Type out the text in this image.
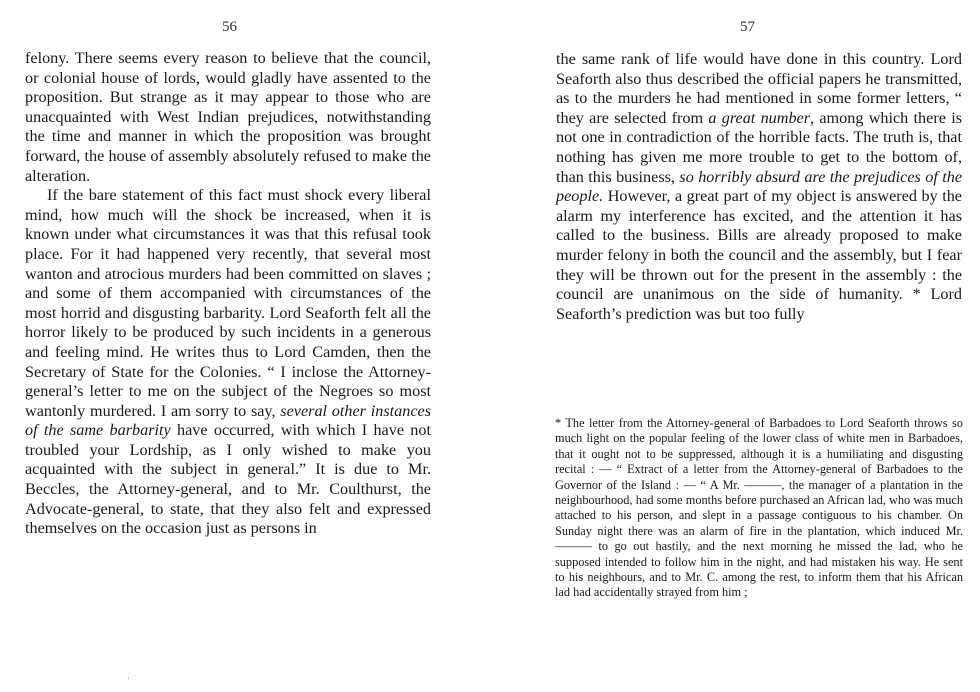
56

felony. There seems every reason to believe that the council, or colonial house of lords, would gladly have assented to the proposition. But strange as it may appear to those who are unacquainted with West Indian prejudices, notwithstanding the time and manner in which the proposition was brought forward, the house of assembly absolutely refused to make the alteration.

If the bare statement of this fact must shock every liberal mind, how much will the shock be increased, when it is known under what circumstances it was that this refusal took place. For it had happened very recently, that several most wanton and atrocious murders had been committed on slaves ; and some of them accompanied with circumstances of the most horrid and disgusting barbarity. Lord Seaforth felt all the horror likely to be produced by such incidents in a generous and feeling mind. He writes thus to Lord Camden, then the Secretary of State for the Colonies. “ I inclose the Attorney-general’s letter to me on the subject of the Negroes so most wantonly murdered. I am sorry to say, several other instances of the same barbarity have occurred, with which I have not troubled your Lordship, as I only wished to make you acquainted with the subject in general.” It is due to Mr. Beccles, the Attorney-general, and to Mr. Coulthurst, the Advocate-general, to state, that they also felt and expressed themselves on the occasion just as persons in

'
57

the same rank of life would have done in this country. Lord Seaforth also thus described the official papers he transmitted, as to the murders he had mentioned in some former letters, “ they are selected from a great number, among which there is not one in contradiction of the horrible facts. The truth is, that nothing has given me more trouble to get to the bottom of, than this business, so horribly absurd are the prejudices of the people. However, a great part of my object is answered by the alarm my interference has excited, and the attention it has called to the business. Bills are already proposed to make murder felony in both the council and the assembly, but I fear they will be thrown out for the present in the assembly : the council are unanimous on the side of humanity. * Lord Seaforth’s prediction was but too fully

* The letter from the Attorney-general of Barbadoes to Lord Seaforth throws so much light on the popular feeling of the lower class of white men in Barbadoes, that it ought not to be suppressed, although it is a humiliating and disgusting recital : — “ Extract of a letter from the Attorney-general of Barbadoes to the Governor of the Island : — “ A Mr. ———, the manager of a plantation in the neighbourhood, had some months before purchased an African lad, who was much attached to his person, and slept in a passage contiguous to his chamber. On Sunday night there was an alarm of fire in the plantation, which induced Mr. ——— to go out hastily, and the next morning he missed the lad, who he supposed intended to follow him in the night, and had mistaken his way. He sent to his neighbours, and to Mr. C. among the rest, to inform them that his African lad had accidentally strayed from him ;
